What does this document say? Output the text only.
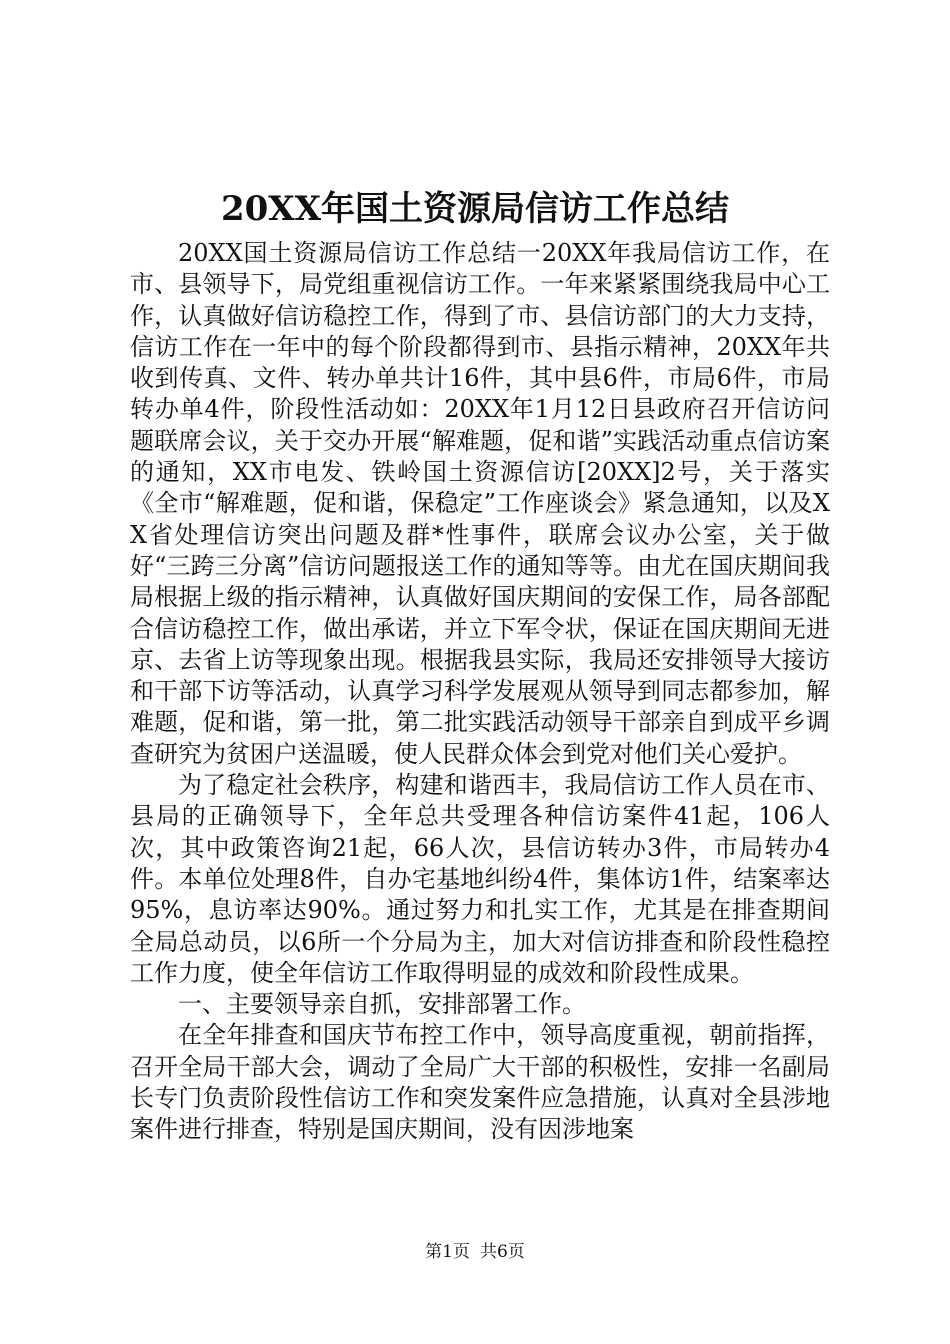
20XX年国土资源局信访工作总结

20XX国土资源局信访工作总结一20XX年我局信访工作，在市、县领导下，局党组重视信访工作。一年来紧紧围绕我局中心工作，认真做好信访稳控工作，得到了市、县信访部门的大力支持，信访工作在一年中的每个阶段都得到市、县指示精神，20XX年共收到传真、文件、转办单共计16件，其中县6件，市局6件，市局转办单4件，阶段性活动如：20XX年1月12日县政府召开信访问题联席会议，关于交办开展“解难题，促和谐”实践活动重点信访案的通知，XX市电发、铁岭国土资源信访[20XX]2号，关于落实《全市“解难题，促和谐，保稳定”工作座谈会》紧急通知，以及XX省处理信访突出问题及群*性事件，联席会议办公室，关于做好“三跨三分离”信访问题报送工作的通知等等。由尤在国庆期间我局根据上级的指示精神，认真做好国庆期间的安保工作，局各部配合信访稳控工作，做出承诺，并立下军令状，保证在国庆期间无进京、去省上访等现象出现。根据我县实际，我局还安排领导大接访和干部下访等活动，认真学习科学发展观从领导到同志都参加，解难题，促和谐，第一批，第二批实践活动领导干部亲自到成平乡调查研究为贫困户送温暖，使人民群众体会到党对他们关心爱护。

为了稳定社会秩序，构建和谐西丰，我局信访工作人员在市、县局的正确领导下，全年总共受理各种信访案件41起，106人次，其中政策咨询21起，66人次，县信访转办3件，市局转办4件。本单位处理8件，自办宅基地纠纷4件，集体访1件，结案率达95%，息访率达90%。通过努力和扎实工作，尤其是在排查期间全局总动员，以6所一个分局为主，加大对信访排查和阶段性稳控工作力度，使全年信访工作取得明显的成效和阶段性成果。

一、主要领导亲自抓，安排部署工作。

在全年排查和国庆节布控工作中，领导高度重视，朝前指挥，召开全局干部大会，调动了全局广大干部的积极性，安排一名副局长专门负责阶段性信访工作和突发案件应急措施，认真对全县涉地案件进行排查，特别是国庆期间，没有因涉地案

第1页 共6页
